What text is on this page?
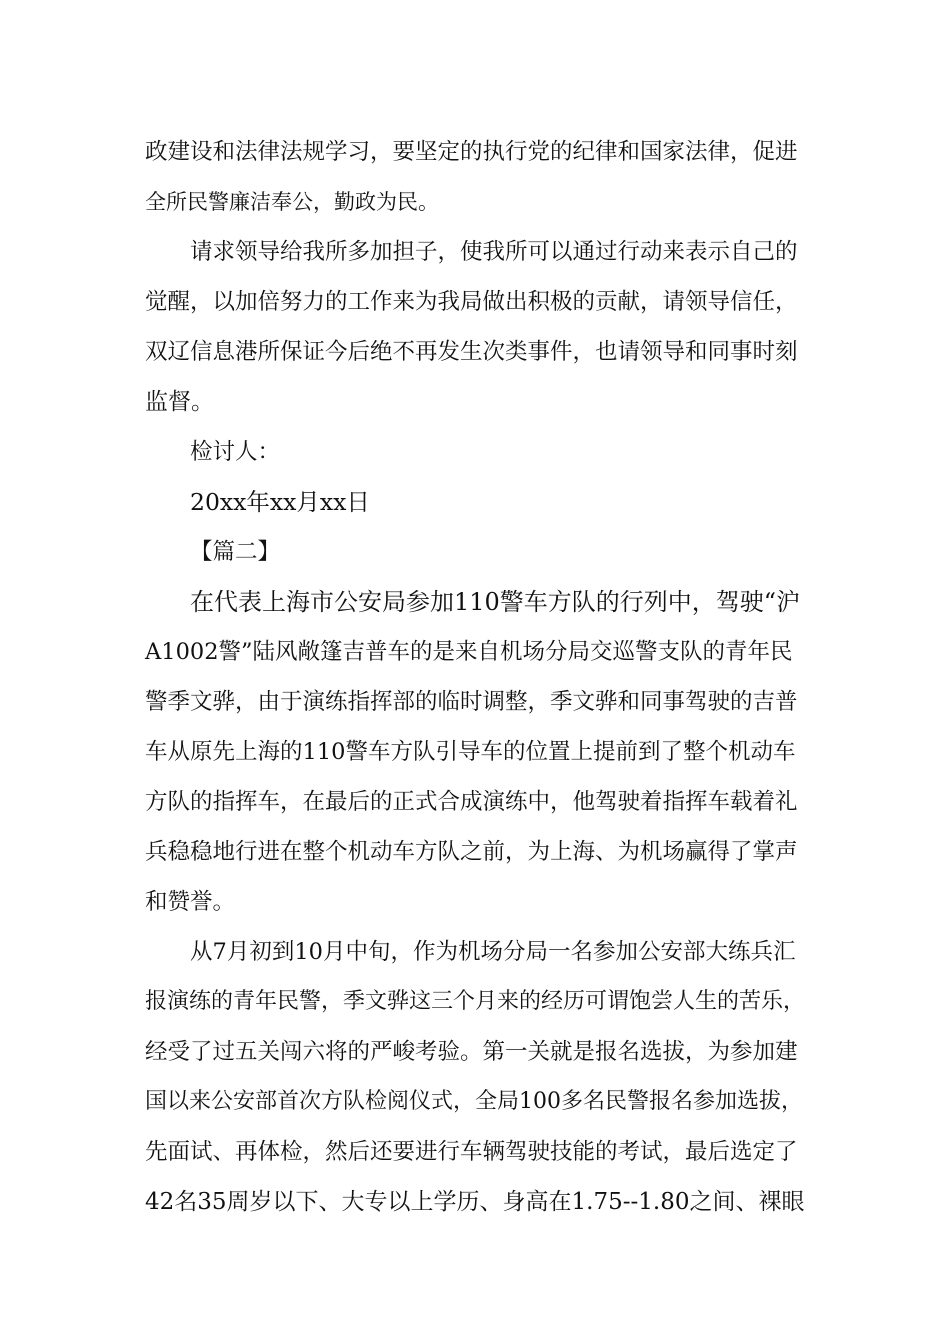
政建设和法律法规学习，要坚定的执行党的纪律和国家法律，促进
全所民警廉洁奉公，勤政为民。
请求领导给我所多加担子，使我所可以通过行动来表示自己的
觉醒，以加倍努力的工作来为我局做出积极的贡献，请领导信任，
双辽信息港所保证今后绝不再发生次类事件，也请领导和同事时刻
监督。
检讨人：
20xx年xx月xx日
【篇二】
在代表上海市公安局参加110警车方队的行列中，驾驶“沪
A1002警”陆风敞篷吉普车的是来自机场分局交巡警支队的青年民
警季文骅，由于演练指挥部的临时调整，季文骅和同事驾驶的吉普
车从原先上海的110警车方队引导车的位置上提前到了整个机动车
方队的指挥车，在最后的正式合成演练中，他驾驶着指挥车载着礼
兵稳稳地行进在整个机动车方队之前，为上海、为机场赢得了掌声
和赞誉。
从7月初到10月中旬，作为机场分局一名参加公安部大练兵汇
报演练的青年民警，季文骅这三个月来的经历可谓饱尝人生的苦乐，
经受了过五关闯六将的严峻考验。第一关就是报名选拔，为参加建
国以来公安部首次方队检阅仪式，全局100多名民警报名参加选拔，
先面试、再体检，然后还要进行车辆驾驶技能的考试，最后选定了
42名35周岁以下、大专以上学历、身高在1.75--1.80之间、裸眼
